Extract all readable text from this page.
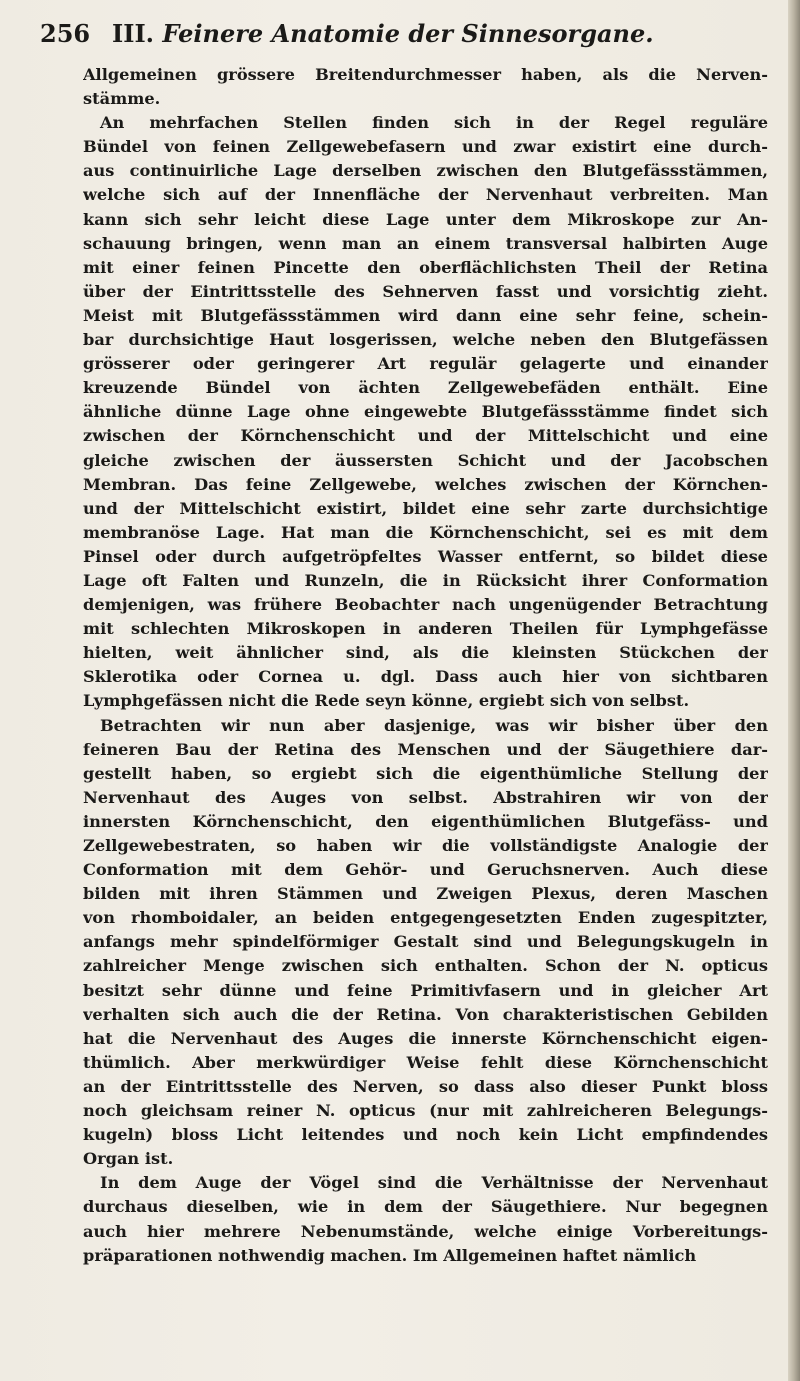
256 III. Feinere Anatomie der Sinnesorgane.
Allgemeinen grössere Breitendurchmesser haben, als die Nerven-
stämme.
An mehrfachen Stellen finden sich in der Regel reguläre
Bündel von feinen Zellgewebefasern und zwar existirt eine durch-
aus continuirliche Lage derselben zwischen den Blutgefässstämmen,
welche sich auf der Innenfläche der Nervenhaut verbreiten. Man
kann sich sehr leicht diese Lage unter dem Mikroskope zur An-
schauung bringen, wenn man an einem transversal halbirten Auge
mit einer feinen Pincette den oberflächlichsten Theil der Retina
über der Eintrittsstelle des Sehnerven fasst und vorsichtig zieht.
Meist mit Blutgefässstämmen wird dann eine sehr feine, schein-
bar durchsichtige Haut losgerissen, welche neben den Blutgefässen
grösserer oder geringerer Art regulär gelagerte und einander
kreuzende Bündel von ächten Zellgewebefäden enthält. Eine
ähnliche dünne Lage ohne eingewebte Blutgefässstämme findet sich
zwischen der Körnchenschicht und der Mittelschicht und eine
gleiche zwischen der äussersten Schicht und der Jacobschen
Membran. Das feine Zellgewebe, welches zwischen der Körnchen-
und der Mittelschicht existirt, bildet eine sehr zarte durchsichtige
membranöse Lage. Hat man die Körnchenschicht, sei es mit dem
Pinsel oder durch aufgetröpfeltes Wasser entfernt, so bildet diese
Lage oft Falten und Runzeln, die in Rücksicht ihrer Conformation
demjenigen, was frühere Beobachter nach ungenügender Betrachtung
mit schlechten Mikroskopen in anderen Theilen für Lymphgefässe
hielten, weit ähnlicher sind, als die kleinsten Stückchen der
Sklerotika oder Cornea u. dgl. Dass auch hier von sichtbaren
Lymphgefässen nicht die Rede seyn könne, ergiebt sich von selbst.
Betrachten wir nun aber dasjenige, was wir bisher über den
feineren Bau der Retina des Menschen und der Säugethiere dar-
gestellt haben, so ergiebt sich die eigenthümliche Stellung der
Nervenhaut des Auges von selbst. Abstrahiren wir von der
innersten Körnchenschicht, den eigenthümlichen Blutgefäss- und
Zellgewebestraten, so haben wir die vollständigste Analogie der
Conformation mit dem Gehör- und Geruchsnerven. Auch diese
bilden mit ihren Stämmen und Zweigen Plexus, deren Maschen
von rhomboidaler, an beiden entgegengesetzten Enden zugespitzter,
anfangs mehr spindelförmiger Gestalt sind und Belegungskugeln in
zahlreicher Menge zwischen sich enthalten. Schon der N. opticus
besitzt sehr dünne und feine Primitivfasern und in gleicher Art
verhalten sich auch die der Retina. Von charakteristischen Gebilden
hat die Nervenhaut des Auges die innerste Körnchenschicht eigen-
thümlich. Aber merkwürdiger Weise fehlt diese Körnchenschicht
an der Eintrittsstelle des Nerven, so dass also dieser Punkt bloss
noch gleichsam reiner N. opticus (nur mit zahlreicheren Belegungs-
kugeln) bloss Licht leitendes und noch kein Licht empfindendes
Organ ist.
In dem Auge der Vögel sind die Verhältnisse der Nervenhaut
durchaus dieselben, wie in dem der Säugethiere. Nur begegnen
auch hier mehrere Nebenumstände, welche einige Vorbereitungs-
präparationen nothwendig machen. Im Allgemeinen haftet nämlich
